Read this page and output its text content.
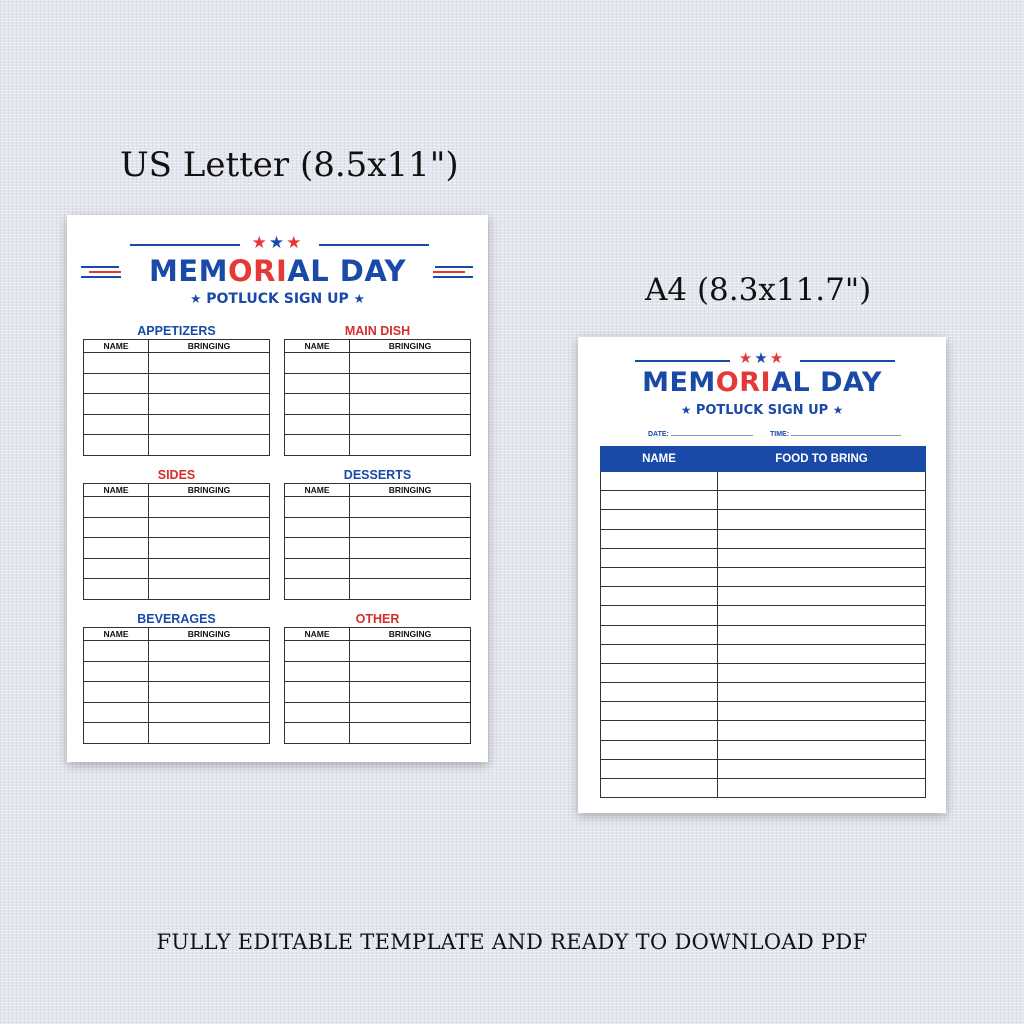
US Letter (8.5x11")
A4 (8.3x11.7")
★★★
MEMORIAL DAY
★ POTLUCK SIGN UP ★
APPETIZERS
NAME	BRINGING

MAIN DISH
NAME	BRINGING

SIDES
NAME	BRINGING

DESSERTS
NAME	BRINGING

BEVERAGES
NAME	BRINGING

OTHER
NAME	BRINGING

★★★
MEMORIAL DAY
★ POTLUCK SIGN UP ★
DATE:	TIME:
NAME	FOOD TO BRING

FULLY EDITABLE TEMPLATE AND READY TO DOWNLOAD PDF
